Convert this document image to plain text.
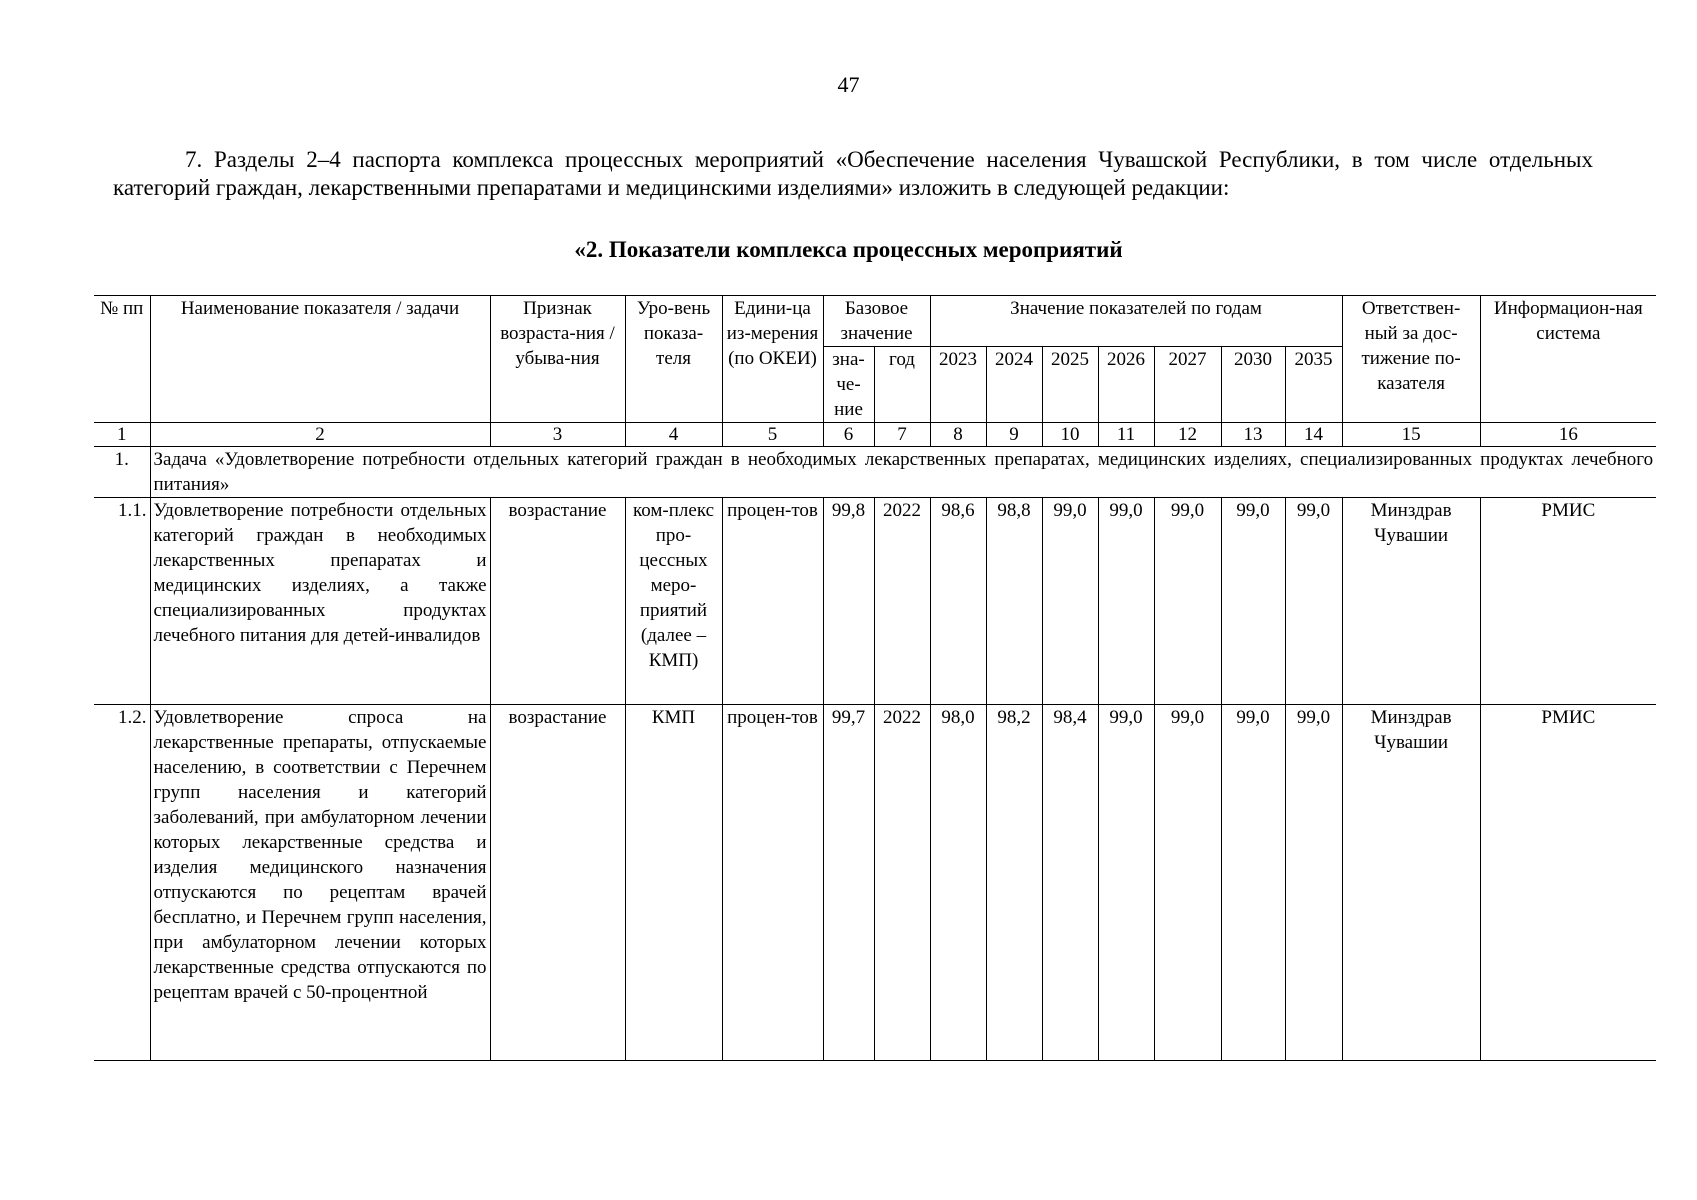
47

7. Разделы 2–4 паспорта комплекса процессных мероприятий «Обеспечение населения Чувашской Республики, в том числе отдельных категорий граждан, лекарственными препаратами и медицинскими изделиями» изложить в следующей редакции:

«2. Показатели комплекса процессных мероприятий
№ пп	Наименование показателя / задачи	Признак возраста-ния /убыва-ния	Уро-вень показа-теля	Едини-ца из-мерения (по ОКЕИ)	Базовое значение		Значение показателей по годам							Ответствен-ный за дос-тижение по-казателя	Информацион-ная система
					зна-че-ние	год	2023	2024	2025	2026	2027	2030	2035		
1	2	3	4	5	6	7	8	9	10	11	12	13	14	15	16
1.	Задача «Удовлетворение потребности отдельных категорий граждан в необходимых лекарственных препаратах, медицинских изделиях, специализированных продуктах лечебного питания»														
1.1.	Удовлетворение потребности отдельных категорий граждан в необходимых лекарственных препаратах и медицинских изделиях, а также специализированных продуктах лечебного питания для детей-инвалидов	возрастание	ком-плекс про-цессных меро-приятий (далее – КМП)	процен-тов	99,8	2022	98,6	98,8	99,0	99,0	99,0	99,0	99,0	Минздрав Чувашии	РМИС
1.2.	Удовлетворение спроса на лекарственные препараты, отпускаемые населению, в соответствии с Перечнем групп населения и категорий заболеваний, при амбулаторном лечении которых лекарственные средства и изделия медицинского назначения отпускаются по рецептам врачей бесплатно, и Перечнем групп населения, при амбулаторном лечении которых лекарственные средства отпускаются по рецептам врачей с 50-процентной	возрастание	КМП	процен-тов	99,7	2022	98,0	98,2	98,4	99,0	99,0	99,0	99,0	Минздрав Чувашии	РМИС
